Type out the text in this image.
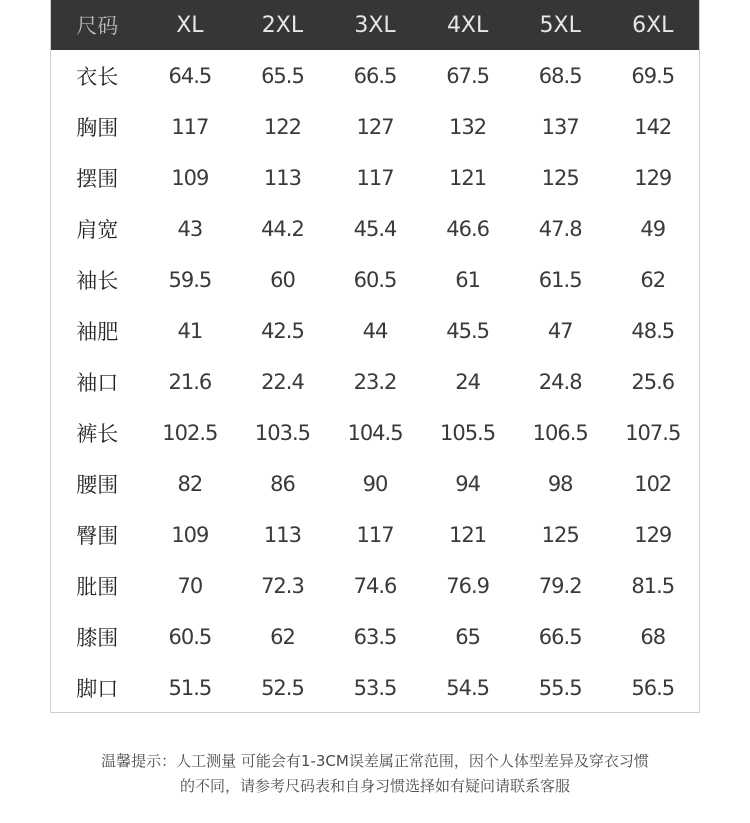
尺码	XL	2XL	3XL	4XL	5XL	6XL
衣长	64.5	65.5	66.5	67.5	68.5	69.5
胸围	117	122	127	132	137	142
摆围	109	113	117	121	125	129
肩宽	43	44.2	45.4	46.6	47.8	49
袖长	59.5	60	60.5	61	61.5	62
袖肥	41	42.5	44	45.5	47	48.5
袖口	21.6	22.4	23.2	24	24.8	25.6
裤长	102.5	103.5	104.5	105.5	106.5	107.5
腰围	82	86	90	94	98	102
臀围	109	113	117	121	125	129
肶围	70	72.3	74.6	76.9	79.2	81.5
膝围	60.5	62	63.5	65	66.5	68
脚口	51.5	52.5	53.5	54.5	55.5	56.5

温馨提示：人工测量 可能会有1-3CM误差属正常范围，因个人体型差异及穿衣习惯

的不同，请参考尺码表和自身习惯选择如有疑问请联系客服
